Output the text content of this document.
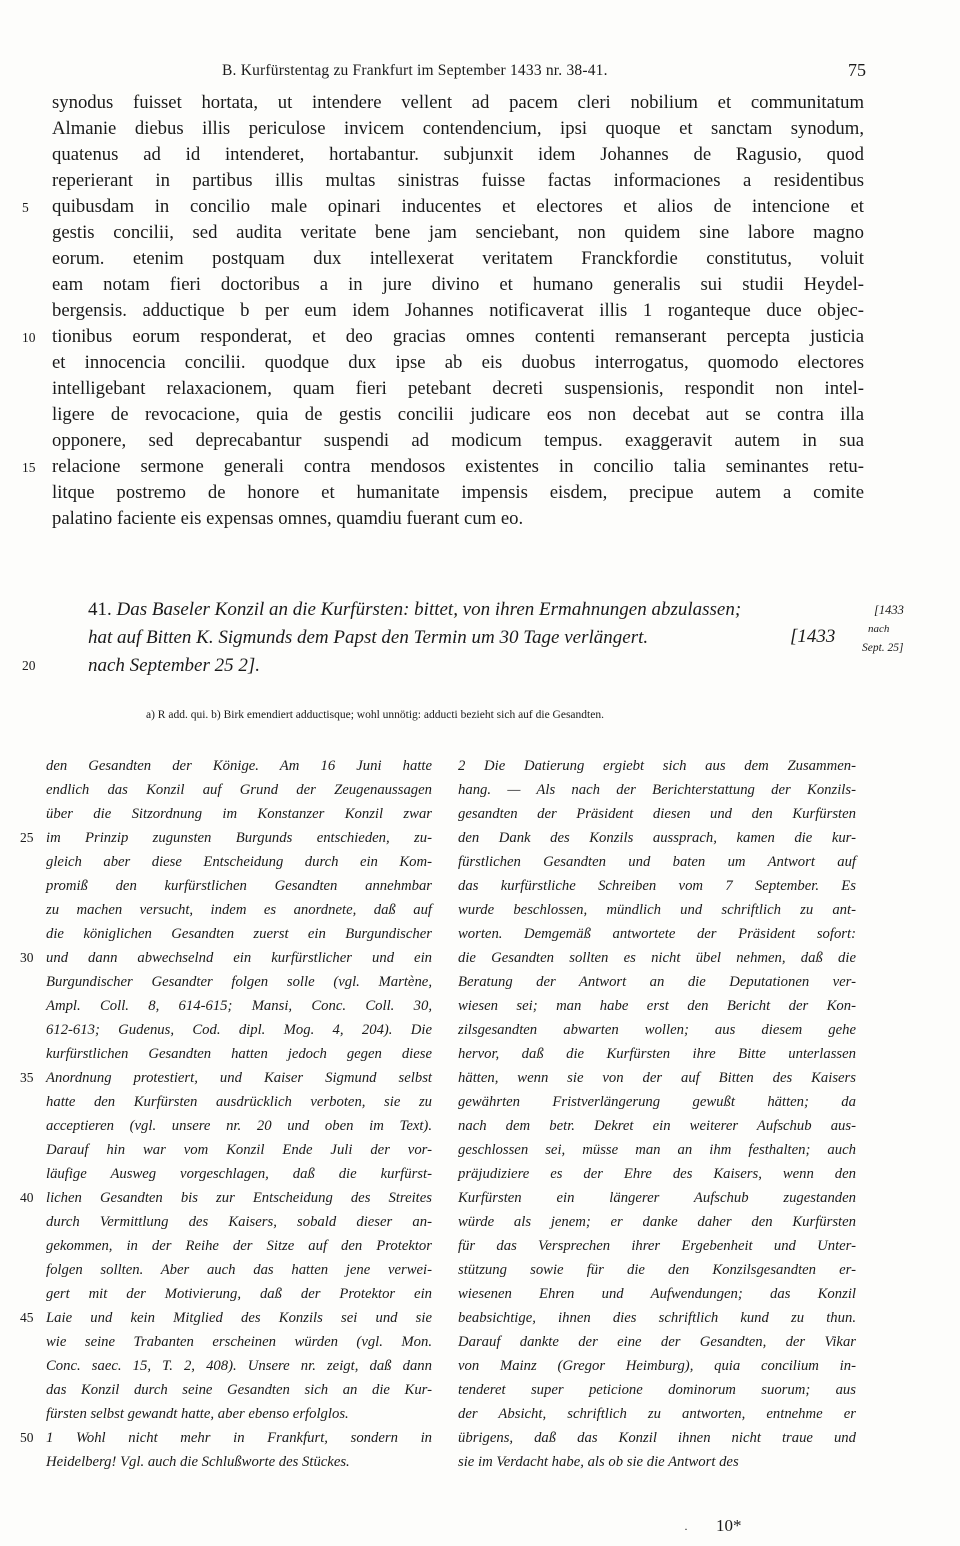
B. Kurfürstentag zu Frankfurt im September 1433 nr. 38-41.	75
synodus fuisset hortata, ut intendere vellent ad pacem cleri nobilium et communitatum
Almanie diebus illis periculose invicem contendencium, ipsi quoque et sanctam synodum,
quatenus ad id intenderet, hortabantur. subjunxit idem Johannes de Ragusio, quod
reperierant in partibus illis multas sinistras fuisse factas informaciones a residentibus
quibusdam in concilio male opinari inducentes et electores et alios de intencione et
gestis concilii, sed audita veritate bene jam senciebant, non quidem sine labore magno
eorum. etenim postquam dux intellexerat veritatem Franckfordie constitutus, voluit
eam notam fieri doctoribus a in jure divino et humano generalis sui studii Heydel-
bergensis. adductique b per eum idem Johannes notificaverat illis 1 roganteque duce objec-
tionibus eorum responderat, et deo gracias omnes contenti remanserant percepta justicia
et innocencia concilii. quodque dux ipse ab eis duobus interrogatus, quomodo electores
intelligebant relaxacionem, quam fieri petebant decreti suspensionis, respondit non intel-
ligere de revocacione, quia de gestis concilii judicare eos non decebat aut se contra illa
opponere, sed deprecabantur suspendi ad modicum tempus. exaggeravit autem in sua
relacione sermone generali contra mendosos existentes in concilio talia seminantes retu-
litque postremo de honore et humanitate impensis eisdem, precipue autem a comite
palatino faciente eis expensas omnes, quamdiu fuerant cum eo.
5
10
15
41. Das Baseler Konzil an die Kurfürsten: bittet, von ihren Ermahnungen abzulassen;
hat auf Bitten K. Sigmunds dem Papst den Termin um 30 Tage verlängert.
nach September 25 2].
20
[1433
[1433	nach
Sept. 25]
a) R add. qui. b) Birk emendiert adductisque; wohl unnötig: adducti bezieht sich auf die Gesandten.
den Gesandten der Könige. Am 16 Juni hatte
endlich das Konzil auf Grund der Zeugenaussagen
über die Sitzordnung im Konstanzer Konzil zwar
im Prinzip zugunsten Burgunds entschieden, zu-
gleich aber diese Entscheidung durch ein Kom-
promiß den kurfürstlichen Gesandten annehmbar
zu machen versucht, indem es anordnete, daß auf
die königlichen Gesandten zuerst ein Burgundischer
und dann abwechselnd ein kurfürstlicher und ein
Burgundischer Gesandter folgen solle (vgl. Martène,
Ampl. Coll. 8, 614-615; Mansi, Conc. Coll. 30,
612-613; Gudenus, Cod. dipl. Mog. 4, 204). Die
kurfürstlichen Gesandten hatten jedoch gegen diese
Anordnung protestiert, und Kaiser Sigmund selbst
hatte den Kurfürsten ausdrücklich verboten, sie zu
acceptieren (vgl. unsere nr. 20 und oben im Text).
Darauf hin war vom Konzil Ende Juli der vor-
läufige Ausweg vorgeschlagen, daß die kurfürst-
lichen Gesandten bis zur Entscheidung des Streites
durch Vermittlung des Kaisers, sobald dieser an-
gekommen, in der Reihe der Sitze auf den Protektor
folgen sollten. Aber auch das hatten jene verwei-
gert mit der Motivierung, daß der Protektor ein
Laie und kein Mitglied des Konzils sei und sie
wie seine Trabanten erscheinen würden (vgl. Mon.
Conc. saec. 15, T. 2, 408). Unsere nr. zeigt, daß dann
das Konzil durch seine Gesandten sich an die Kur-
fürsten selbst gewandt hatte, aber ebenso erfolglos.
1 Wohl nicht mehr in Frankfurt, sondern in
Heidelberg! Vgl. auch die Schlußworte des Stückes.
25
30
35
40
45
50
2 Die Datierung ergiebt sich aus dem Zusammen-
hang. — Als nach der Berichterstattung der Konzils-
gesandten der Präsident diesen und den Kurfürsten
den Dank des Konzils aussprach, kamen die kur-
fürstlichen Gesandten und baten um Antwort auf
das kurfürstliche Schreiben vom 7 September. Es
wurde beschlossen, mündlich und schriftlich zu ant-
worten. Demgemäß antwortete der Präsident sofort:
die Gesandten sollten es nicht übel nehmen, daß die
Beratung der Antwort an die Deputationen ver-
wiesen sei; man habe erst den Bericht der Kon-
zilsgesandten abwarten wollen; aus diesem gehe
hervor, daß die Kurfürsten ihre Bitte unterlassen
hätten, wenn sie von der auf Bitten des Kaisers
gewährten Fristverlängerung gewußt hätten; da
nach dem betr. Dekret ein weiterer Aufschub aus-
geschlossen sei, müsse man an ihm festhalten; auch
präjudiziere es der Ehre des Kaisers, wenn den
Kurfürsten ein längerer Aufschub zugestanden
würde als jenem; er danke daher den Kurfürsten
für das Versprechen ihrer Ergebenheit und Unter-
stützung sowie für die den Konzilsgesandten er-
wiesenen Ehren und Aufwendungen; das Konzil
beabsichtige, ihnen dies schriftlich kund zu thun.
Darauf dankte der eine der Gesandten, der Vikar
von Mainz (Gregor Heimburg), quia concilium in-
tenderet super peticione dominorum suorum; aus
der Absicht, schriftlich zu antworten, entnehme er
übrigens, daß das Konzil ihnen nicht traue und
sie im Verdacht habe, als ob sie die Antwort des
· 10*
